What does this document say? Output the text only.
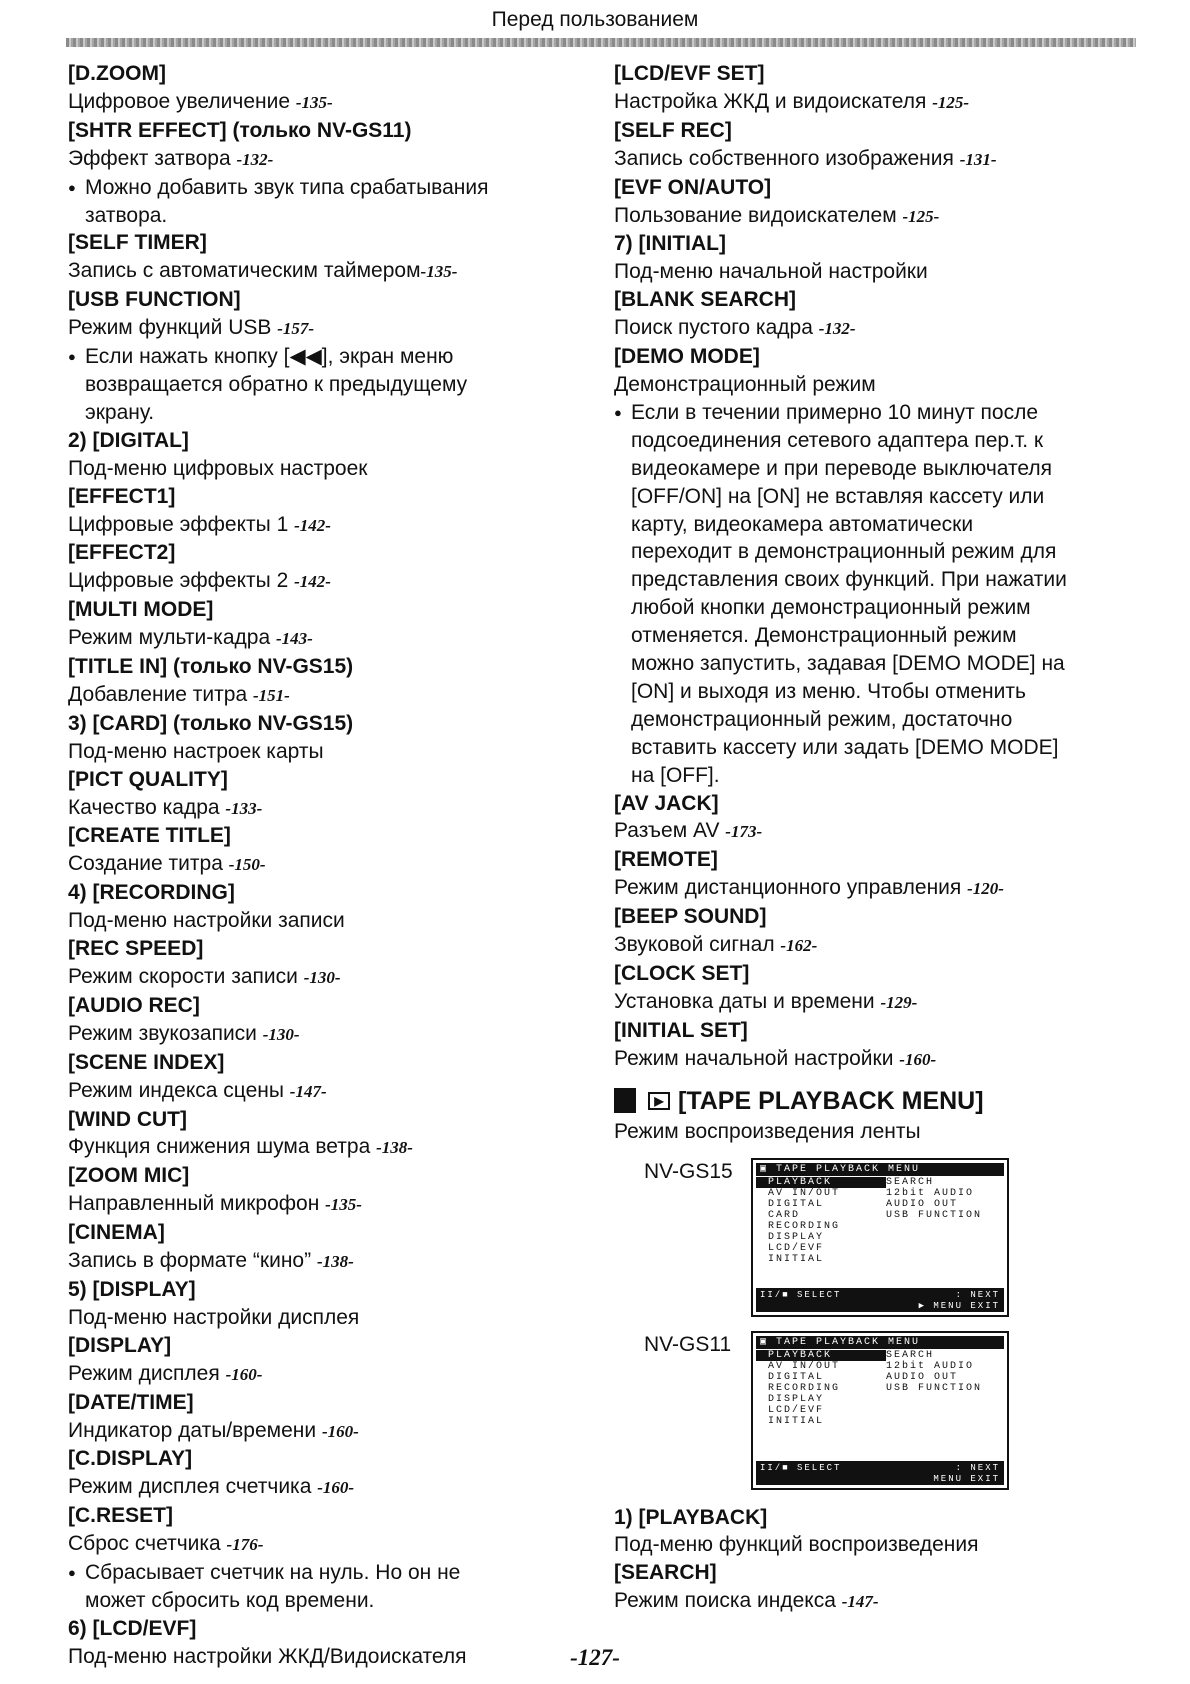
Перед пользованием
[D.ZOOM]
Цифровое увеличение -135-
[SHTR EFFECT] (только NV-GS11)
Эффект затвора -132-
● Можно добавить звук типа срабатывания
затвора.
[SELF TIMER]
Запись с автоматическим таймером-135-
[USB FUNCTION]
Режим функций USB -157-
● Если нажать кнопку [◀◀], экран меню
возвращается обратно к предыдущему
экрану.
2) [DIGITAL]
Под-меню цифровых настроек
[EFFECT1]
Цифровые эффекты 1 -142-
[EFFECT2]
Цифровые эффекты 2 -142-
[MULTI MODE]
Режим мульти-кадра -143-
[TITLE IN] (только NV-GS15)
Добавление титра -151-
3) [CARD] (только NV-GS15)
Под-меню настроек карты
[PICT QUALITY]
Качество кадра -133-
[CREATE TITLE]
Создание титра -150-
4) [RECORDING]
Под-меню настройки записи
[REC SPEED]
Режим скорости записи -130-
[AUDIO REC]
Режим звукозаписи -130-
[SCENE INDEX]
Режим индекса сцены -147-
[WIND CUT]
Функция снижения шума ветра -138-
[ZOOM MIC]
Направленный микрофон -135-
[CINEMA]
Запись в формате “кино” -138-
5) [DISPLAY]
Под-меню настройки дисплея
[DISPLAY]
Режим дисплея -160-
[DATE/TIME]
Индикатор даты/времени -160-
[C.DISPLAY]
Режим дисплея счетчика -160-
[C.RESET]
Сброс счетчика -176-
● Сбрасывает счетчик на нуль. Но он не
может сбросить код времени.
6) [LCD/EVF]
Под-меню настройки ЖКД/Видоискателя
[LCD/EVF SET]
Настройка ЖКД и видоискателя -125-
[SELF REC]
Запись собственного изображения -131-
[EVF ON/AUTO]
Пользование видоискателем -125-
7) [INITIAL]
Под-меню начальной настройки
[BLANK SEARCH]
Поиск пустого кадра -132-
[DEMO MODE]
Демонстрационный режим
● Если в течении примерно 10 минут после
подсоединения сетевого адаптера пер.т. к
видеокамере и при переводе выключателя
[OFF/ON] на [ON] не вставляя кассету или
карту, видеокамера автоматически
переходит в демонстрационный режим для
представления своих функций. При нажатии
любой кнопки демонстрационный режим
отменяется. Демонстрационный режим
можно запустить, задавая [DEMO MODE] на
[ON] и выходя из меню. Чтобы отменить
демонстрационный режим, достаточно
вставить кассету или задать [DEMO MODE]
на [OFF].
[AV JACK]
Разъем AV -173-
[REMOTE]
Режим дистанционного управления -120-
[BEEP SOUND]
Звуковой сигнал -162-
[CLOCK SET]
Установка даты и времени -129-
[INITIAL SET]
Режим начальной настройки -160-
▶ [TAPE PLAYBACK MENU]
Режим воспроизведения ленты
NV-GS15	▣ TAPE PLAYBACK MENU
PLAYBACK
AV IN/OUT
DIGITAL
CARD
RECORDING
DISPLAY
LCD/EVF
INITIAL
SEARCH
12bit AUDIO
AUDIO OUT
USB FUNCTION
II/■ SELECT	: NEXT
▶ MENU EXIT
NV-GS11	▣ TAPE PLAYBACK MENU
PLAYBACK
AV IN/OUT
DIGITAL
RECORDING
DISPLAY
LCD/EVF
INITIAL
SEARCH
12bit AUDIO
AUDIO OUT
USB FUNCTION
II/■ SELECT	: NEXT
MENU EXIT
1) [PLAYBACK]
Под-меню функций воспроизведения
[SEARCH]
Режим поиска индекса -147-
-127-
